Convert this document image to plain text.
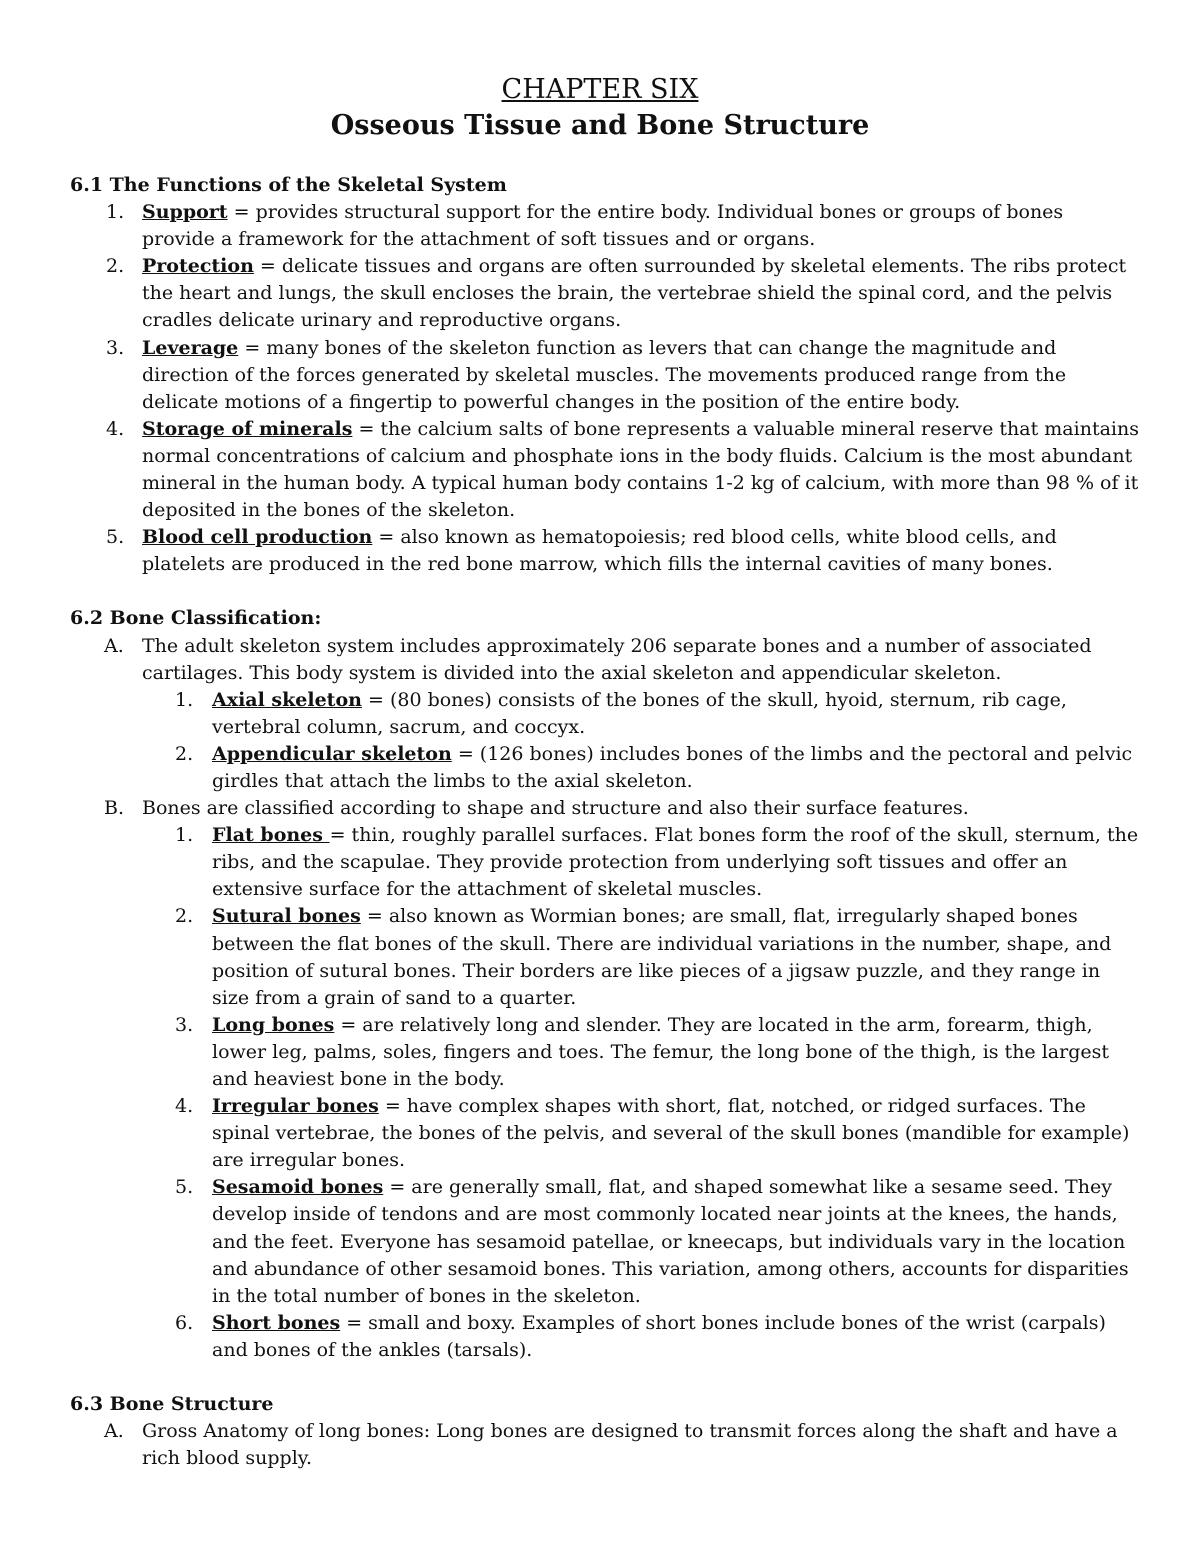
CHAPTER SIX
Osseous Tissue and Bone Structure
6.1 The Functions of the Skeletal System
1. Support = provides structural support for the entire body. Individual bones or groups of bones provide a framework for the attachment of soft tissues and or organs.
2. Protection = delicate tissues and organs are often surrounded by skeletal elements. The ribs protect the heart and lungs, the skull encloses the brain, the vertebrae shield the spinal cord, and the pelvis cradles delicate urinary and reproductive organs.
3. Leverage = many bones of the skeleton function as levers that can change the magnitude and direction of the forces generated by skeletal muscles. The movements produced range from the delicate motions of a fingertip to powerful changes in the position of the entire body.
4. Storage of minerals = the calcium salts of bone represents a valuable mineral reserve that maintains normal concentrations of calcium and phosphate ions in the body fluids. Calcium is the most abundant mineral in the human body. A typical human body contains 1-2 kg of calcium, with more than 98 % of it deposited in the bones of the skeleton.
5. Blood cell production = also known as hematopoiesis; red blood cells, white blood cells, and platelets are produced in the red bone marrow, which fills the internal cavities of many bones.
6.2 Bone Classification:
A. The adult skeleton system includes approximately 206 separate bones and a number of associated cartilages. This body system is divided into the axial skeleton and appendicular skeleton.
1. Axial skeleton = (80 bones) consists of the bones of the skull, hyoid, sternum, rib cage, vertebral column, sacrum, and coccyx.
2. Appendicular skeleton = (126 bones) includes bones of the limbs and the pectoral and pelvic girdles that attach the limbs to the axial skeleton.
B. Bones are classified according to shape and structure and also their surface features.
1. Flat bones = thin, roughly parallel surfaces. Flat bones form the roof of the skull, sternum, the ribs, and the scapulae. They provide protection from underlying soft tissues and offer an extensive surface for the attachment of skeletal muscles.
2. Sutural bones = also known as Wormian bones; are small, flat, irregularly shaped bones between the flat bones of the skull. There are individual variations in the number, shape, and position of sutural bones. Their borders are like pieces of a jigsaw puzzle, and they range in size from a grain of sand to a quarter.
3. Long bones = are relatively long and slender. They are located in the arm, forearm, thigh, lower leg, palms, soles, fingers and toes. The femur, the long bone of the thigh, is the largest and heaviest bone in the body.
4. Irregular bones = have complex shapes with short, flat, notched, or ridged surfaces. The spinal vertebrae, the bones of the pelvis, and several of the skull bones (mandible for example) are irregular bones.
5. Sesamoid bones = are generally small, flat, and shaped somewhat like a sesame seed. They develop inside of tendons and are most commonly located near joints at the knees, the hands, and the feet. Everyone has sesamoid patellae, or kneecaps, but individuals vary in the location and abundance of other sesamoid bones. This variation, among others, accounts for disparities in the total number of bones in the skeleton.
6. Short bones = small and boxy. Examples of short bones include bones of the wrist (carpals) and bones of the ankles (tarsals).
6.3 Bone Structure
A. Gross Anatomy of long bones: Long bones are designed to transmit forces along the shaft and have a rich blood supply.
